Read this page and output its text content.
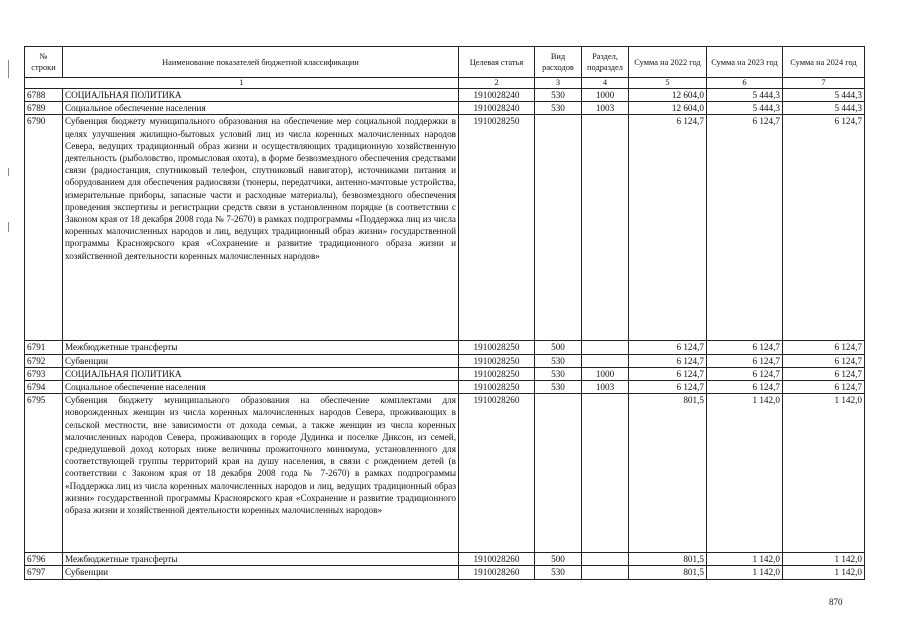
№ строки	Наименование показателей бюджетной классификации	Целевая статья	Вид расходов	Раздел, подраздел	Сумма на 2022 год	Сумма на 2023 год	Сумма на 2024 год
1		2	3	4	5	6	7
6788	СОЦИАЛЬНАЯ ПОЛИТИКА	1910028240	530	1000	12 604,0	5 444,3	5 444,3
6789	Социальное обеспечение населения	1910028240	530	1003	12 604,0	5 444,3	5 444,3
6790	Субвенция бюджету муниципального образования на обеспечение мер социальной поддержки в целях улучшения жилищно-бытовых условий лиц из числа коренных малочисленных народов Севера, ведущих традиционный образ жизни и осуществляющих традиционную хозяйственную деятельность (рыболовство, промысловая охота), в форме безвозмездного обеспечения средствами связи (радиостанция, спутниковый телефон, спутниковый навигатор), источниками питания и оборудованием для обеспечения радиосвязи (тюнеры, передатчики, антенно-мачтовые устройства, измерительные приборы, запасные части и расходные материалы), безвозмездного обеспечения проведения экспертизы и регистрации средств связи в установленном порядке (в соответствии с Законом края от 18 декабря 2008 года № 7-2670) в рамках подпрограммы «Поддержка лиц из числа коренных малочисленных народов и лиц, ведущих традиционный образ жизни» государственной программы Красноярского края «Сохранение и развитие традиционного образа жизни и хозяйственной деятельности коренных малочисленных народов»	1910028250			6 124,7	6 124,7	6 124,7
6791	Межбюджетные трансферты	1910028250	500		6 124,7	6 124,7	6 124,7
6792	Субвенции	1910028250	530		6 124,7	6 124,7	6 124,7
6793	СОЦИАЛЬНАЯ ПОЛИТИКА	1910028250	530	1000	6 124,7	6 124,7	6 124,7
6794	Социальное обеспечение населения	1910028250	530	1003	6 124,7	6 124,7	6 124,7
6795	Субвенция бюджету муниципального образования на обеспечение комплектами для новорожденных женщин из числа коренных малочисленных народов Севера, проживающих в сельской местности, вне зависимости от дохода семьи, а также женщин из числа коренных малочисленных народов Севера, проживающих в городе Дудинка и поселке Диксон, из семей, среднедушевой доход которых ниже величины прожиточного минимума, установленного для соответствующей группы территорий края на душу населения, в связи с рождением детей (в соответствии с Законом края от 18 декабря 2008 года № 7-2670) в рамках подпрограммы «Поддержка лиц из числа коренных малочисленных народов и лиц, ведущих традиционный образ жизни» государственной программы Красноярского края «Сохранение и развитие традиционного образа жизни и хозяйственной деятельности коренных малочисленных народов»	1910028260			801,5	1 142,0	1 142,0
6796	Межбюджетные трансферты	1910028260	500		801,5	1 142,0	1 142,0
6797	Субвенции	1910028260	530		801,5	1 142,0	1 142,0
870
